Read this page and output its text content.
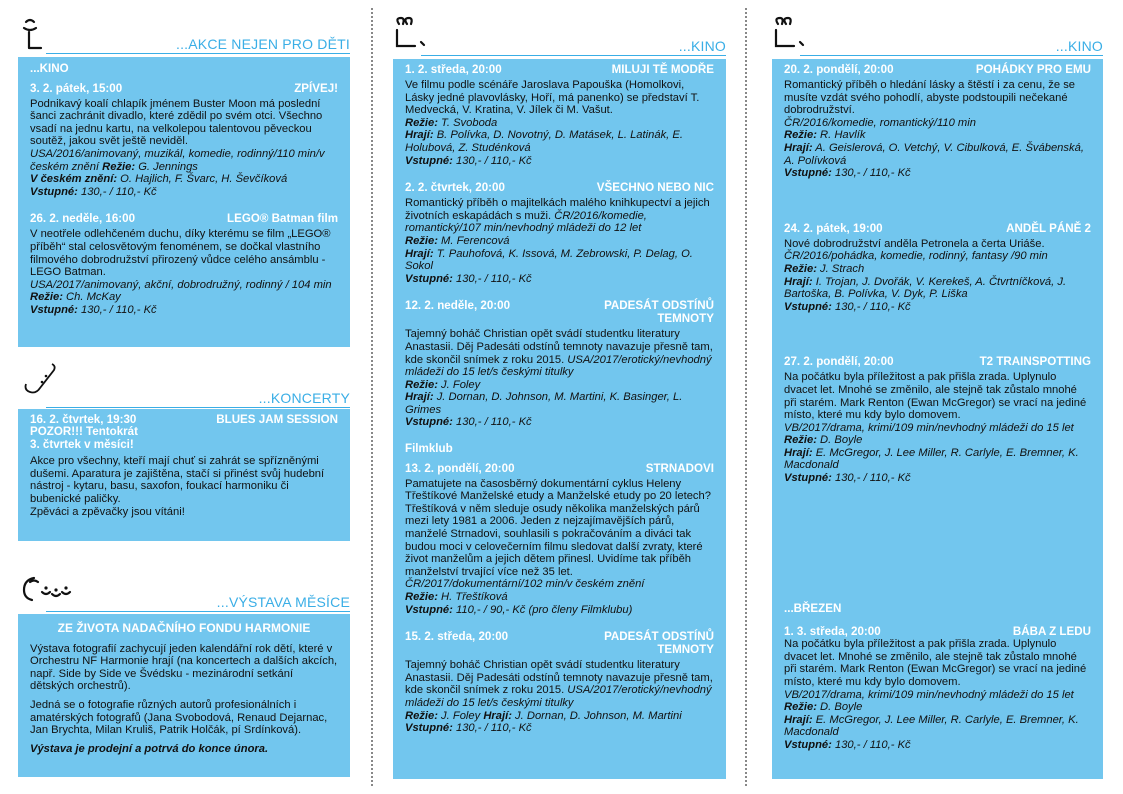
...AKCE NEJEN PRO DĚTI
...KINO
3. 2. pátek, 15:00	ZPÍVEJ!
Podnikavý koalí chlapík jménem Buster Moon má poslední šanci zachránit divadlo, které zdědil po svém otci. Všechno vsadí na jednu kartu, na velkolepou talentovou pěveckou soutěž, jakou svět ještě neviděl.
USA/2016/animovaný, muzikál, komedie, rodinný/110 min/v českém znění Režie: G. Jennings
V českém znění: O. Hajlich, F. Švarc, H. Ševčíková
Vstupné: 130,- / 110,- Kč
26. 2. neděle, 16:00	LEGO® Batman film
V neotřele odlehčeném duchu, díky kterému se film „LEGO® příběh“ stal celosvětovým fenoménem, se dočkal vlastního filmového dobrodružství přirozený vůdce celého ansámblu - LEGO Batman.
USA/2017/animovaný, akční, dobrodružný, rodinný / 104 min Režie: Ch. McKay
Vstupné: 130,- / 110,- Kč
...KONCERTY
16. 2. čtvrtek, 19:30	BLUES JAM SESSION
POZOR!!! Tentokrát
3. čtvrtek v měsíci!
Akce pro všechny, kteří mají chuť si zahrát se spřízněnými dušemi. Aparatura je zajištěna, stačí si přinést svůj hudební nástroj - kytaru, basu, saxofon, foukací harmoniku či bubenické paličky.
Zpěváci a zpěvačky jsou vítáni!
...VÝSTAVA MĚSÍCE
ZE ŽIVOTA NADAČNÍHO FONDU HARMONIE

Výstava fotografií zachycují jeden kalendářní rok dětí, které v Orchestru NF Harmonie hrají (na koncertech a dalších akcích, např. Side by Side ve Švédsku - mezinárodní setkání dětských orchestrů).

Jedná se o fotografie různých autorů profesionálních i amatérských fotografů (Jana Svobodová, Renaud Dejarnac, Jan Brychta, Milan Kruliš, Patrik Holčák, pí Srdínková).

Výstava je prodejní a potrvá do konce února.

...KINO
1. 2. středa, 20:00	MILUJI TĚ MODŘE
Ve filmu podle scénáře Jaroslava Papouška (Homolkovi, Lásky jedné plavovlásky, Hoří, má panenko) se představí T. Medvecká, V. Kratina, V. Jílek či M. Vašut.
Režie: T. Svoboda
Hrají: B. Polívka, D. Novotný, D. Matásek, L. Latinák, E. Holubová, Z. Studénková
Vstupné: 130,- / 110,- Kč
2. 2. čtvrtek, 20:00	VŠECHNO NEBO NIC
Romantický příběh o majitelkách malého knihkupectví a jejich životních eskapádách s muži. ČR/2016/komedie, romantický/107 min/nevhodný mládeži do 12 let
Režie: M. Ferencová
Hrají: T. Pauhofová, K. Issová, M. Zebrowski, P. Delag, O. Sokol
Vstupné: 130,- / 110,- Kč
12. 2. neděle, 20:00	PADESÁT ODSTÍNŮ TEMNOTY
Tajemný boháč Christian opět svádí studentku literatury Anastasii. Děj Padesáti odstínů temnoty navazuje přesně tam, kde skončil snímek z roku 2015. USA/2017/erotický/nevhodný mládeži do 15 let/s českými titulky
Režie: J. Foley
Hrají: J. Dornan, D. Johnson, M. Martini, K. Basinger, L. Grimes
Vstupné: 130,- / 110,- Kč
Filmklub
13. 2. pondělí, 20:00	STRNADOVI
Pamatujete na časosběrný dokumentární cyklus Heleny Třeštíkové Manželské etudy a Manželské etudy po 20 letech? Třeštíková v něm sleduje osudy několika manželských párů mezi lety 1981 a 2006. Jeden z nejzajímavějších párů, manželé Strnadovi, souhlasili s pokračováním a diváci tak budou moci v celovečerním filmu sledovat další zvraty, které život manželům a jejich dětem přinesl. Uvidíme tak příběh manželství trvající více než 35 let.
ČR/2017/dokumentární/102 min/v českém znění
Režie: H. Třeštíková
Vstupné: 110,- / 90,- Kč (pro členy Filmklubu)
15. 2. středa, 20:00	PADESÁT ODSTÍNŮ TEMNOTY
Tajemný boháč Christian opět svádí studentku literatury Anastasii. Děj Padesáti odstínů temnoty navazuje přesně tam, kde skončil snímek z roku 2015. USA/2017/erotický/nevhodný mládeži do 15 let/s českými titulky
Režie: J. Foley Hrají: J. Dornan, D. Johnson, M. Martini
Vstupné: 130,- / 110,- Kč
...KINO
20. 2. pondělí, 20:00	POHÁDKY PRO EMU
Romantický příběh o hledání lásky a štěstí i za cenu, že se musíte vzdát svého pohodlí, abyste podstoupili nečekané dobrodružství.
ČR/2016/komedie, romantický/110 min
Režie: R. Havlík
Hrají: A. Geislerová, O. Vetchý, V. Cibulková, E. Švábenská, A. Polívková
Vstupné: 130,- / 110,- Kč
24. 2. pátek, 19:00	ANDĚL PÁNĚ 2
Nové dobrodružství anděla Petronela a čerta Uriáše. ČR/2016/pohádka, komedie, rodinný, fantasy /90 min
Režie: J. Strach
Hrají: I. Trojan, J. Dvořák, V. Kerekeš, A. Čtvrtníčková, J. Bartoška, B. Polívka, V. Dyk, P. Liška
Vstupné: 130,- / 110,- Kč
27. 2. pondělí, 20:00	T2 TRAINSPOTTING
Na počátku byla příležitost a pak přišla zrada. Uplynulo dvacet let. Mnohé se změnilo, ale stejně tak zůstalo mnohé při starém. Mark Renton (Ewan McGregor) se vrací na jediné místo, které mu kdy bylo domovem.
VB/2017/drama, krimi/109 min/nevhodný mládeži do 15 let
Režie: D. Boyle
Hrají: E. McGregor, J. Lee Miller, R. Carlyle, E. Bremner, K. Macdonald
Vstupné: 130,- / 110,- Kč
...BŘEZEN
1. 3. středa, 20:00	BÁBA Z LEDU
Na počátku byla příležitost a pak přišla zrada. Uplynulo dvacet let. Mnohé se změnilo, ale stejně tak zůstalo mnohé při starém. Mark Renton (Ewan McGregor) se vrací na jediné místo, které mu kdy bylo domovem.
VB/2017/drama, krimi/109 min/nevhodný mládeži do 15 let
Režie: D. Boyle
Hrají: E. McGregor, J. Lee Miller, R. Carlyle, E. Bremner, K. Macdonald
Vstupné: 130,- / 110,- Kč
